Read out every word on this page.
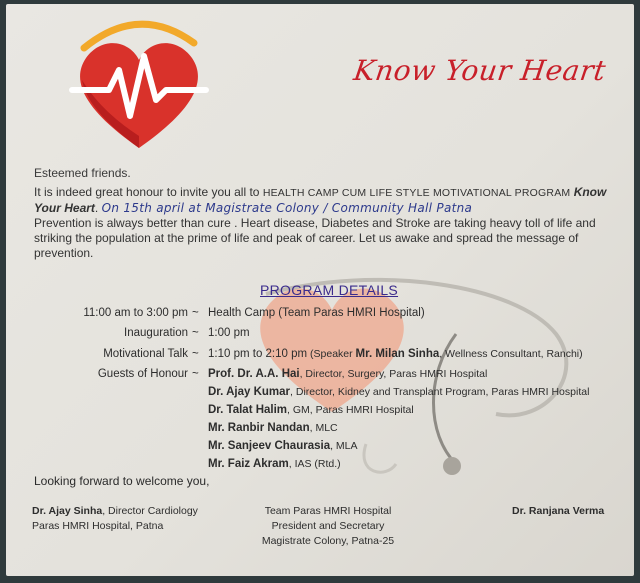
Know Your Heart
Esteemed friends.
It is indeed great honour to invite you all to HEALTH CAMP CUM LIFE STYLE MOTIVATIONAL PROGRAM Know
Your Heart. On 15th april at Magistrate Colony / Community Hall Patna
Prevention is always better than cure . Heart disease, Diabetes and Stroke are taking heavy toll of life and striking the population at the prime of life and peak of career. Let us awake and spread the message of prevention.
PROGRAM DETAILS
11:00 am to 3:00 pm ~ Health Camp (Team Paras HMRI Hospital)
Inauguration ~ 1:00 pm
Motivational Talk ~ 1:10 pm to 2:10 pm (Speaker Mr. Milan Sinha, Wellness Consultant, Ranchi)
Guests of Honour ~ Prof. Dr. A.A. Hai, Director, Surgery, Paras HMRI Hospital
Dr. Ajay Kumar, Director, Kidney and Transplant Program, Paras HMRI Hospital
Dr. Talat Halim, GM, Paras HMRI Hospital
Mr. Ranbir Nandan, MLC
Mr. Sanjeev Chaurasia, MLA
Mr. Faiz Akram, IAS (Rtd.)
Looking forward to welcome you,
Dr. Ajay Sinha, Director Cardiology
Paras HMRI Hospital, Patna
Team Paras HMRI Hospital
President and Secretary
Magistrate Colony, Patna-25
Dr. Ranjana Verma
